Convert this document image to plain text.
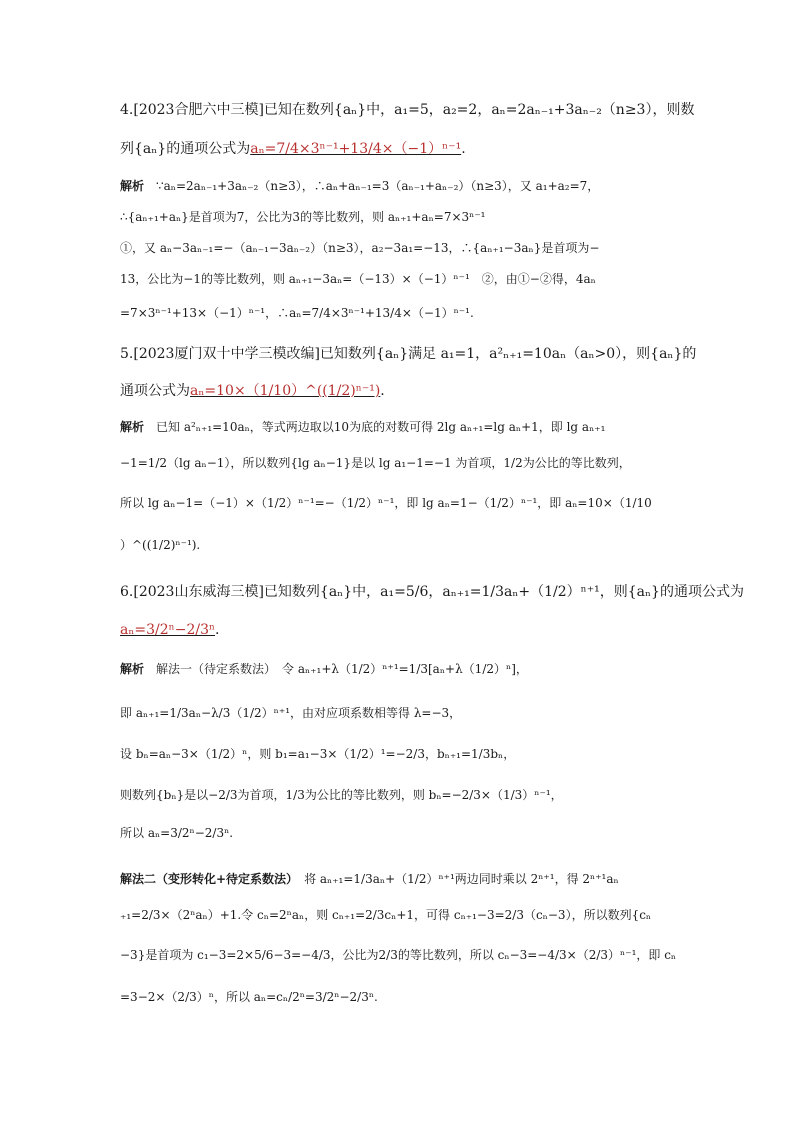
4.[2023合肥六中三模]已知在数列{aₙ}中，a₁=5，a₂=2，aₙ=2aₙ₋₁+3aₙ₋₂（n≥3），则数
列{aₙ}的通项公式为aₙ=7/4×3ⁿ⁻¹+13/4×（−1）ⁿ⁻¹.
解析　∵aₙ=2aₙ₋₁+3aₙ₋₂（n≥3），∴aₙ+aₙ₋₁=3（aₙ₋₁+aₙ₋₂）（n≥3），又 a₁+a₂=7，
∴{aₙ₊₁+aₙ}是首项为7，公比为3的等比数列，则 aₙ₊₁+aₙ=7×3ⁿ⁻¹
①，又 aₙ−3aₙ₋₁=−（aₙ₋₁−3aₙ₋₂）（n≥3），a₂−3a₁=−13，∴{aₙ₊₁−3aₙ}是首项为−
13，公比为−1的等比数列，则 aₙ₊₁−3aₙ=（−13）×（−1）ⁿ⁻¹　②，由①−②得，4aₙ
=7×3ⁿ⁻¹+13×（−1）ⁿ⁻¹，∴aₙ=7/4×3ⁿ⁻¹+13/4×（−1）ⁿ⁻¹.
5.[2023厦门双十中学三模改编]已知数列{aₙ}满足 a₁=1，a²ₙ₊₁=10aₙ（aₙ>0），则{aₙ}的
通项公式为aₙ=10×（1/10）^((1/2)ⁿ⁻¹).
解析　已知 a²ₙ₊₁=10aₙ，等式两边取以10为底的对数可得 2lg aₙ₊₁=lg aₙ+1，即 lg aₙ₊₁
−1=1/2（lg aₙ−1），所以数列{lg aₙ−1}是以 lg a₁−1=−1 为首项，1/2为公比的等比数列，
所以 lg aₙ−1=（−1）×（1/2）ⁿ⁻¹=−（1/2）ⁿ⁻¹，即 lg aₙ=1−（1/2）ⁿ⁻¹，即 aₙ=10×（1/10
）^((1/2)ⁿ⁻¹).
6.[2023山东威海三模]已知数列{aₙ}中，a₁=5/6，aₙ₊₁=1/3aₙ+（1/2）ⁿ⁺¹，则{aₙ}的通项公式为
aₙ=3/2ⁿ−2/3ⁿ.
解析　解法一（待定系数法）　令 aₙ₊₁+λ（1/2）ⁿ⁺¹=1/3[aₙ+λ（1/2）ⁿ]，
即 aₙ₊₁=1/3aₙ−λ/3（1/2）ⁿ⁺¹，由对应项系数相等得 λ=−3，
设 bₙ=aₙ−3×（1/2）ⁿ，则 b₁=a₁−3×（1/2）¹=−2/3，bₙ₊₁=1/3bₙ，
则数列{bₙ}是以−2/3为首项，1/3为公比的等比数列，则 bₙ=−2/3×（1/3）ⁿ⁻¹，
所以 aₙ=3/2ⁿ−2/3ⁿ.
解法二（变形转化+待定系数法）　将 aₙ₊₁=1/3aₙ+（1/2）ⁿ⁺¹两边同时乘以 2ⁿ⁺¹，得 2ⁿ⁺¹aₙ
₊₁=2/3×（2ⁿaₙ）+1.令 cₙ=2ⁿaₙ，则 cₙ₊₁=2/3cₙ+1，可得 cₙ₊₁−3=2/3（cₙ−3），所以数列{cₙ
−3}是首项为 c₁−3=2×5/6−3=−4/3，公比为2/3的等比数列，所以 cₙ−3=−4/3×（2/3）ⁿ⁻¹，即 cₙ
=3−2×（2/3）ⁿ，所以 aₙ=cₙ/2ⁿ=3/2ⁿ−2/3ⁿ.
